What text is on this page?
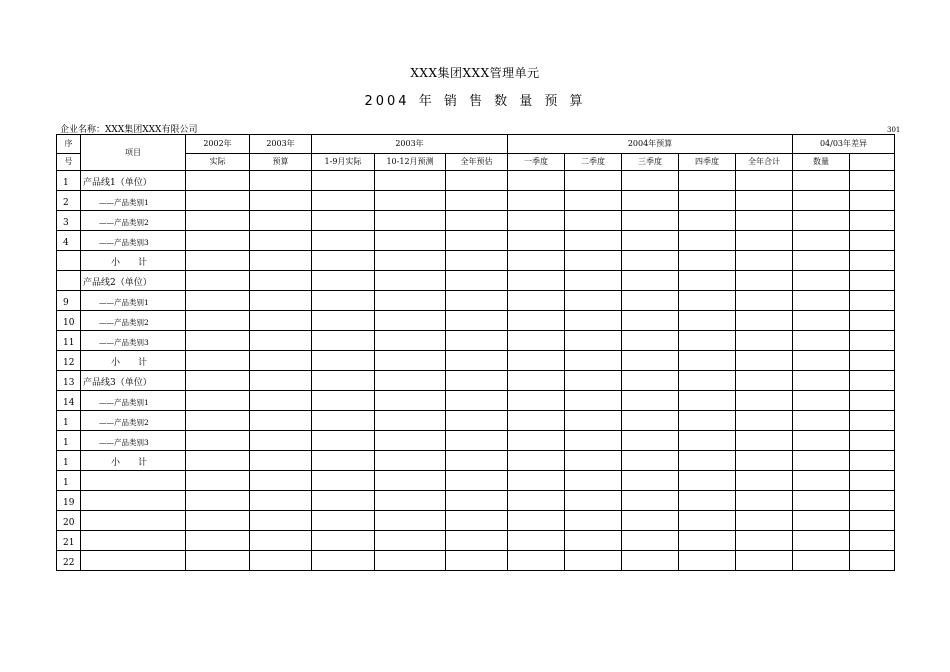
XXX集团XXX管理单元
2004 年 销 售 数 量 预 算
企业名称：XXX集团XXX有限公司	301
序	项目	2002年	2003年	2003年			2004年预算					04/03年差异	
号		实际	预算	1-9月实际	10-12月预测	全年预估	一季度	二季度	三季度	四季度	全年合计	数量	
1	产品线1（单位）												
2	——产品类别1												
3	——产品类别2												
4	——产品类别3												
	小　　计												
	产品线2（单位）												
9	——产品类别1												
10	——产品类别2												
11	——产品类别3												
12	小　　计												
13	产品线3（单位）												
14	——产品类别1												
1	——产品类别2												
1	——产品类别3												
1	小　　计												
1													
19													
20													
21													
22													
